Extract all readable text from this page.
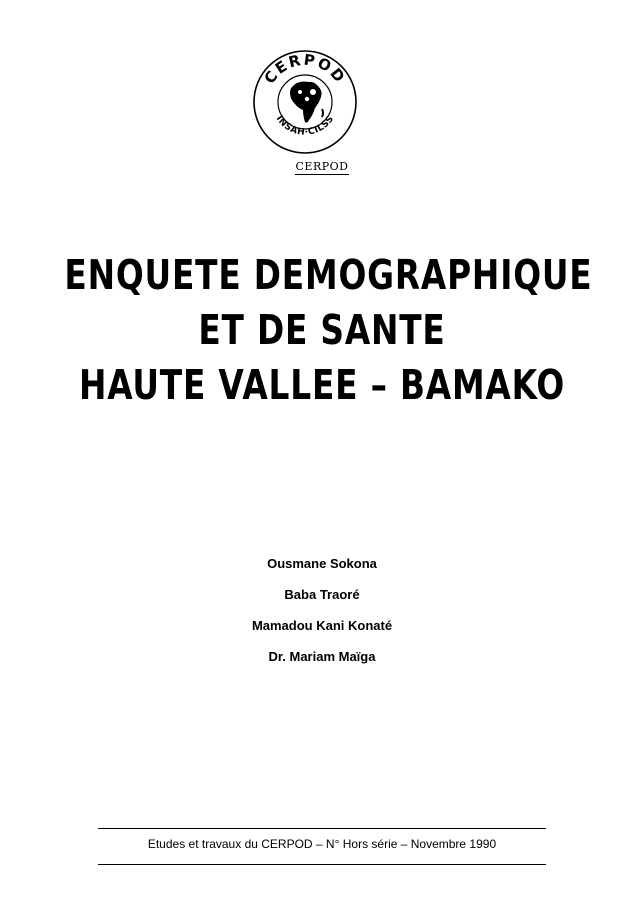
CERPOD
INSAH·CILSS
CERPOD
ENQUETE DEMOGRAPHIQUE
ET DE SANTE
HAUTE VALLEE – BAMAKO
Ousmane Sokona
Baba Traoré
Mamadou Kani Konaté
Dr. Mariam Maïga
Etudes et travaux du CERPOD – N° Hors série – Novembre 1990
